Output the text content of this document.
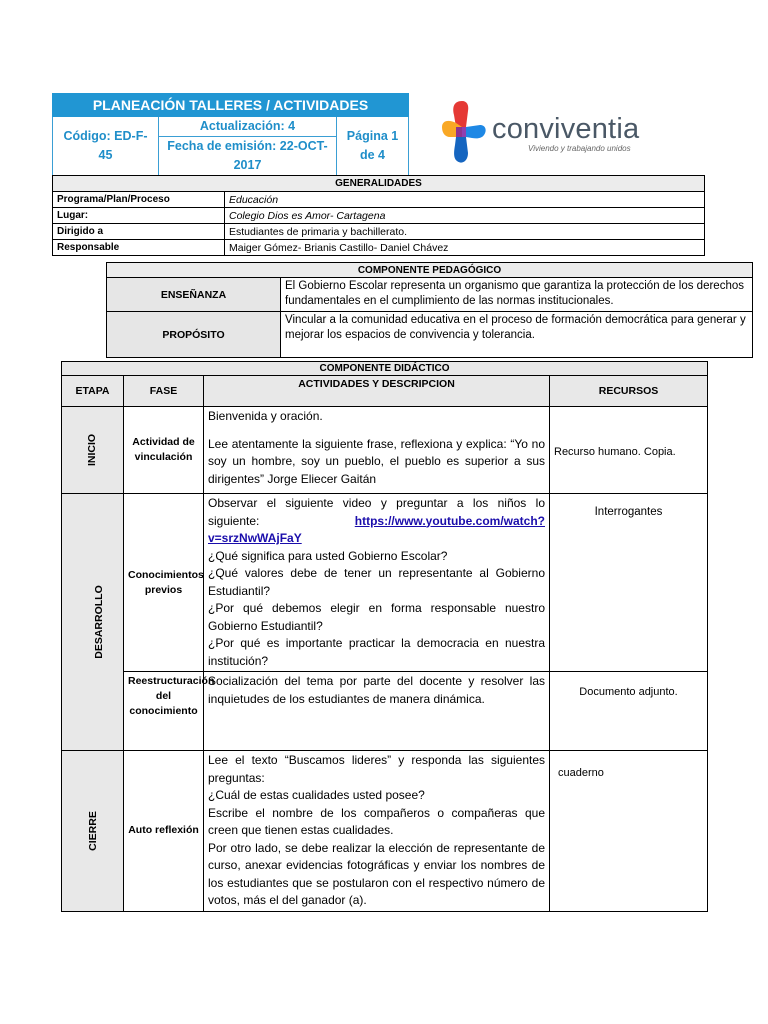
PLANEACIÓN TALLERES / ACTIVIDADES
Código: ED-F-45	Actualización: 4	Página 1 de 4
Fecha de emisión: 22-OCT-2017
conviventia
Viviendo y trabajando unidos
GENERALIDADES	
Programa/Plan/Proceso	Educación
Lugar:	Colegio Dios es Amor- Cartagena
Dirigido a	Estudiantes de primaria y bachillerato.
Responsable	Maiger Gómez- Brianis Castillo- Daniel Chávez
COMPONENTE PEDAGÓGICO	
ENSEÑANZA	El Gobierno Escolar representa un organismo que garantiza la protección de los derechos fundamentales en el cumplimiento de las normas institucionales.
PROPÓSITO	Vincular a la comunidad educativa en el proceso de formación democrática para generar y mejorar los espacios de convivencia y tolerancia.
COMPONENTE DIDÁCTICO			
ETAPA	FASE	ACTIVIDADES Y DESCRIPCION	RECURSOS
INICIO	Actividad de vinculación	Bienvenida y oración.
Lee atentamente la siguiente frase, reflexiona y explica: “Yo no soy un hombre, soy un pueblo, el pueblo es superior a sus dirigentes” Jorge Eliecer Gaitán	Recurso humano. Copia.
DESARROLLO	Conocimientos previos	Observar el siguiente video y preguntar a los niños lo siguiente: https://www.youtube.com/watch?v=srzNwWAjFaY
¿Qué significa para usted Gobierno Escolar?
¿Qué valores debe de tener un representante al Gobierno Estudiantil?
¿Por qué debemos elegir en forma responsable nuestro Gobierno Estudiantil?
¿Por qué es importante practicar la democracia en nuestra institución?	Interrogantes
	Reestructuración del conocimiento	Socialización del tema por parte del docente y resolver las inquietudes de los estudiantes de manera dinámica.	Documento adjunto.
CIERRE	Auto reflexión	Lee el texto “Buscamos lideres” y responda las siguientes preguntas:
¿Cuál de estas cualidades usted posee?
Escribe el nombre de los compañeros o compañeras que creen que tienen estas cualidades.
Por otro lado, se debe realizar la elección de representante de curso, anexar evidencias fotográficas y enviar los nombres de los estudiantes que se postularon con el respectivo número de votos, más el del ganador (a).	cuaderno
